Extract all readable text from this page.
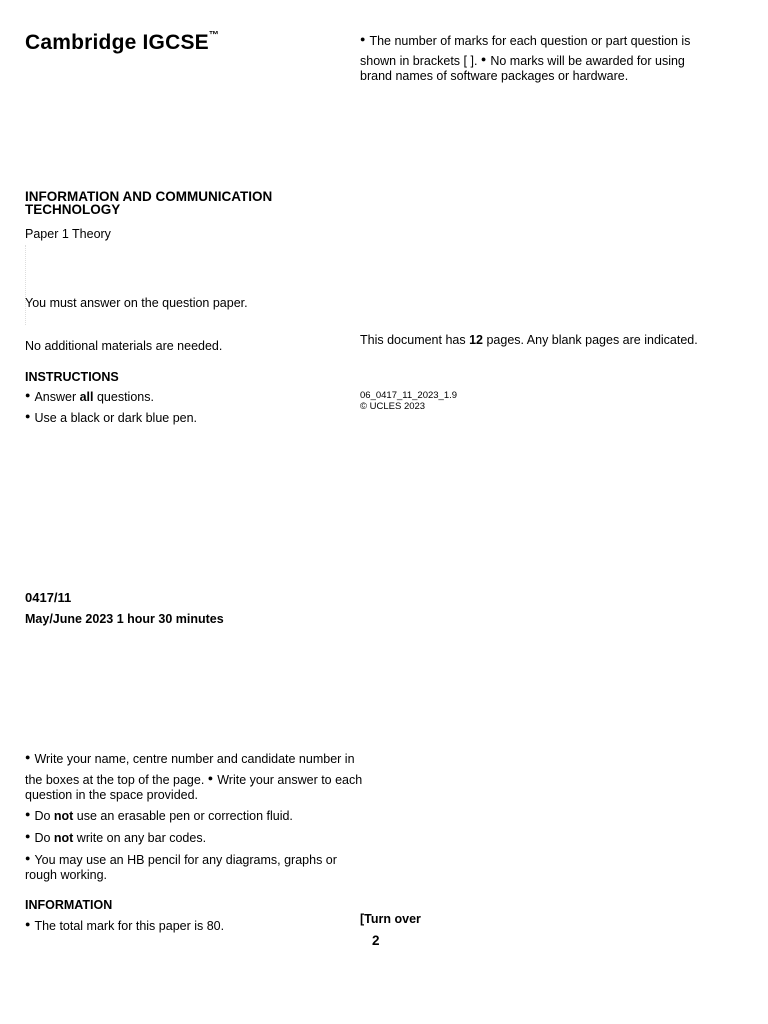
Cambridge IGCSE™	● The number of marks for each question or part question is
shown in brackets [ ]. ● No marks will be awarded for using
brand names of software packages or hardware.
INFORMATION AND COMMUNICATION TECHNOLOGY
Paper 1 Theory
You must answer on the question paper.
No additional materials are needed.	This document has 12 pages. Any blank pages are indicated.
INSTRUCTIONS
● Answer all questions.
● Use a black or dark blue pen.
06_0417_11_2023_1.9
© UCLES 2023
0417/11
May/June 2023 1 hour 30 minutes
● Write your name, centre number and candidate number in
the boxes at the top of the page. ● Write your answer to each
question in the space provided.
● Do not use an erasable pen or correction fluid.
● Do not write on any bar codes.
● You may use an HB pencil for any diagrams, graphs or
rough working.
INFORMATION
● The total mark for this paper is 80.	[Turn over
2
